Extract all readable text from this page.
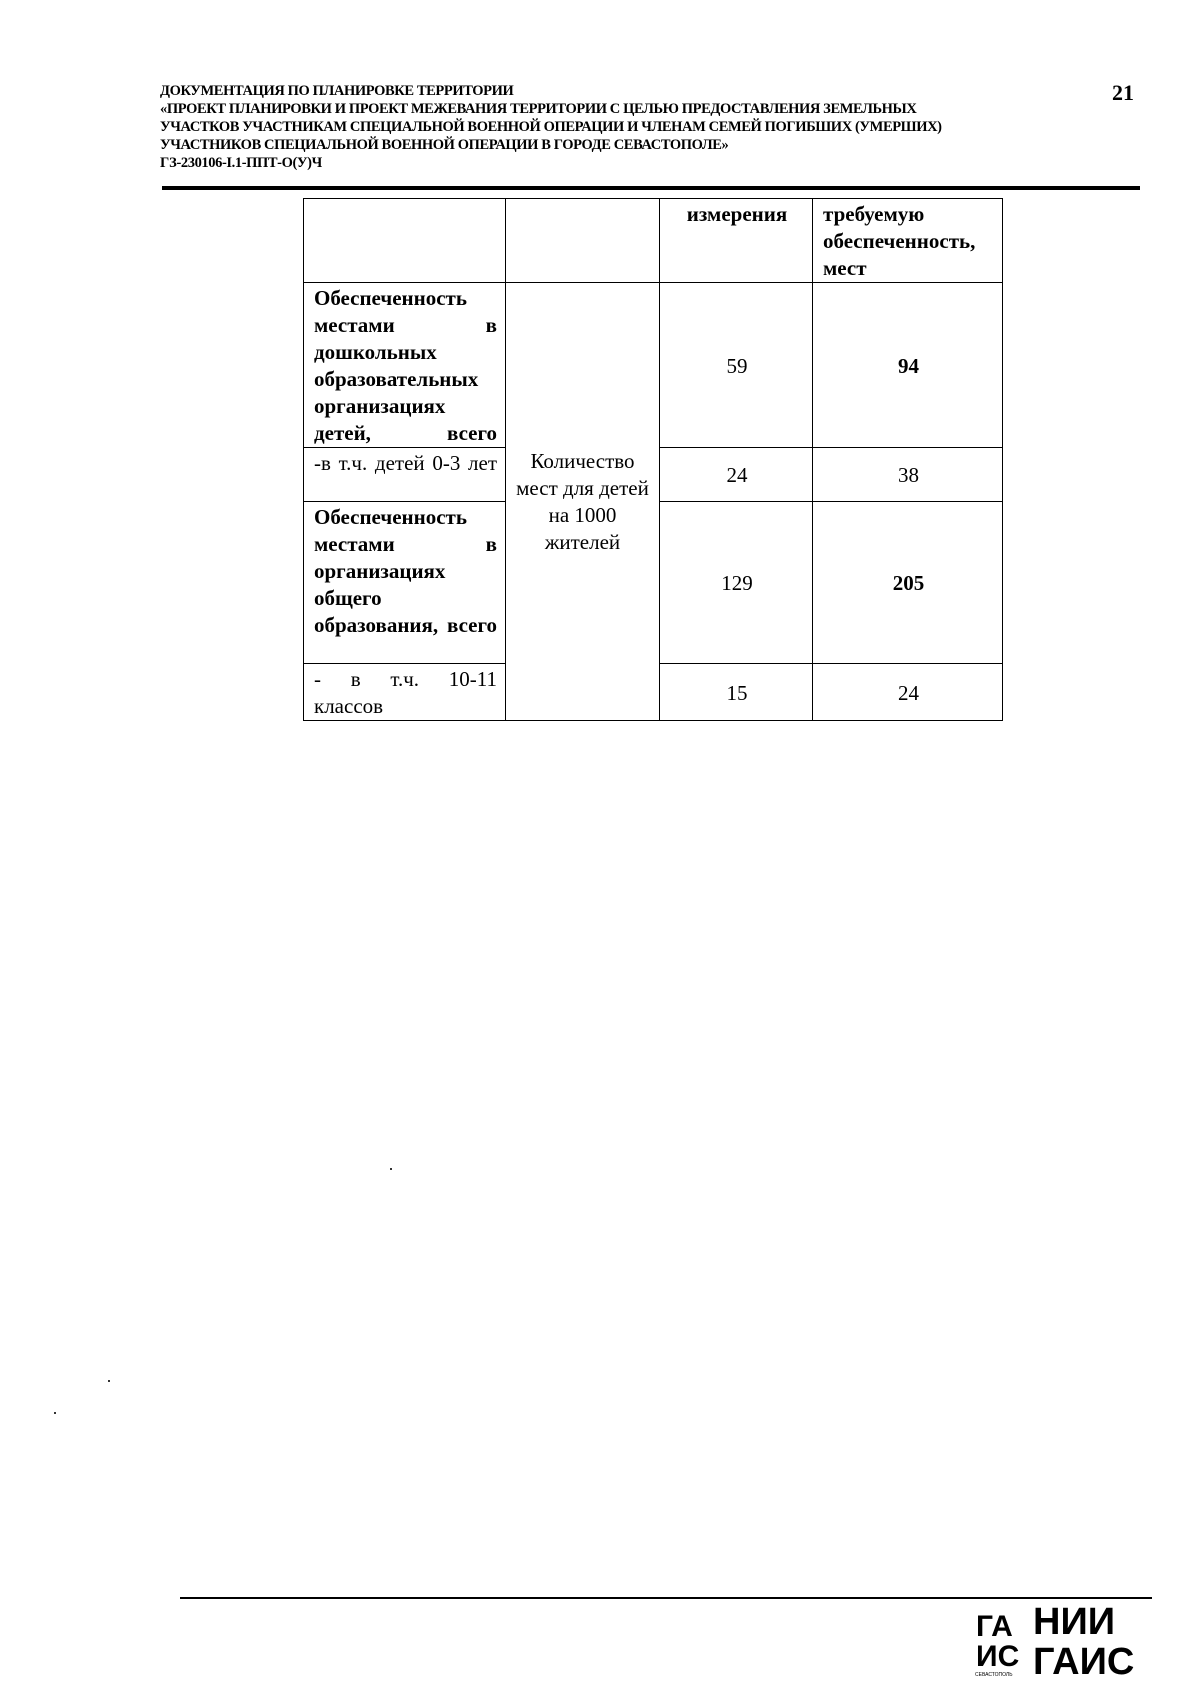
ДОКУМЕНТАЦИЯ ПО ПЛАНИРОВКЕ ТЕРРИТОРИИ
«ПРОЕКТ ПЛАНИРОВКИ И ПРОЕКТ МЕЖЕВАНИЯ ТЕРРИТОРИИ С ЦЕЛЬЮ ПРЕДОСТАВЛЕНИЯ ЗЕМЕЛЬНЫХ
УЧАСТКОВ УЧАСТНИКАМ СПЕЦИАЛЬНОЙ ВОЕННОЙ ОПЕРАЦИИ И ЧЛЕНАМ СЕМЕЙ ПОГИБШИХ (УМЕРШИХ)
УЧАСТНИКОВ СПЕЦИАЛЬНОЙ ВОЕННОЙ ОПЕРАЦИИ В ГОРОДЕ СЕВАСТОПОЛЕ»
ГЗ-230106-I.1-ППТ-О(У)Ч
21
		измерения	требуемую обеспеченность, мест

Обеспеченность местами в дошкольных образовательных организациях детей, всего	Количество мест для детей на 1000 жителей	59	94

-в т.ч. детей 0-3 лет		24	38

Обеспеченность местами в организациях общего образования, всего		129	205

- в т.ч. 10-11 классов		15	24
ГА
ИС
СЕВАСТОПОЛЬ
НИИ
ГАИС
